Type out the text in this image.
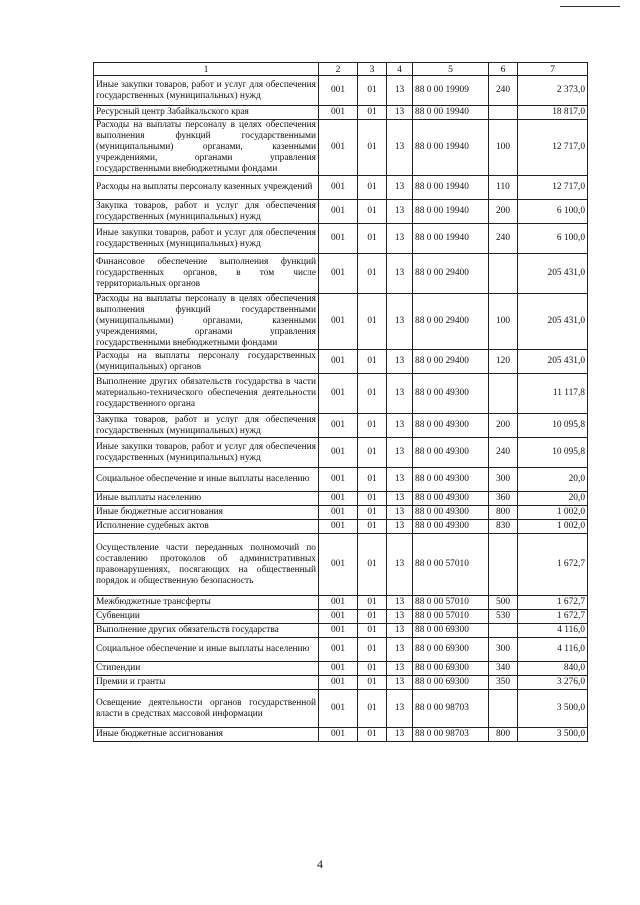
1	2	3	4	5	6	7
Иные закупки товаров, работ и услуг для обеспечения государственных (муниципальных) нужд	001	01	13	88 0 00 19909	240	2 373,0
Ресурсный центр Забайкальского края	001	01	13	88 0 00 19940		18 817,0
Расходы на выплаты персоналу в целях обеспечения выполнения функций государственными (муниципальными) органами, казенными учреждениями, органами управления государственными внебюджетными фондами	001	01	13	88 0 00 19940	100	12 717,0
Расходы на выплаты персоналу казенных учреждений	001	01	13	88 0 00 19940	110	12 717,0
Закупка товаров, работ и услуг для обеспечения государственных (муниципальных) нужд	001	01	13	88 0 00 19940	200	6 100,0
Иные закупки товаров, работ и услуг для обеспечения государственных (муниципальных) нужд	001	01	13	88 0 00 19940	240	6 100,0
Финансовое обеспечение выполнения функций государственных органов, в том числе территориальных органов	001	01	13	88 0 00 29400		205 431,0
Расходы на выплаты персоналу в целях обеспечения выполнения функций государственными (муниципальными) органами, казенными учреждениями, органами управления государственными внебюджетными фондами	001	01	13	88 0 00 29400	100	205 431,0
Расходы на выплаты персоналу государственных (муниципальных) органов	001	01	13	88 0 00 29400	120	205 431,0
Выполнение других обязательств государства в части материально-технического обеспечения деятельности государственного органа	001	01	13	88 0 00 49300		11 117,8
Закупка товаров, работ и услуг для обеспечения государственных (муниципальных) нужд	001	01	13	88 0 00 49300	200	10 095,8
Иные закупки товаров, работ и услуг для обеспечения государственных (муниципальных) нужд	001	01	13	88 0 00 49300	240	10 095,8
Социальное обеспечение и иные выплаты населению	001	01	13	88 0 00 49300	300	20,0
Иные выплаты населению	001	01	13	88 0 00 49300	360	20,0
Иные бюджетные ассигнования	001	01	13	88 0 00 49300	800	1 002,0
Исполнение судебных актов	001	01	13	88 0 00 49300	830	1 002,0
Осуществление части переданных полномочий по составлению протоколов об административных правонарушениях, посягающих на общественный порядок и общественную безопасность	001	01	13	88 0 00 57010		1 672,7
Межбюджетные трансферты	001	01	13	88 0 00 57010	500	1 672,7
Субвенции	001	01	13	88 0 00 57010	530	1 672,7
Выполнение других обязательств государства	001	01	13	88 0 00 69300		4 116,0
Социальное обеспечение и иные выплаты населению	001	01	13	88 0 00 69300	300	4 116,0
Стипендии	001	01	13	88 0 00 69300	340	840,0
Премии и гранты	001	01	13	88 0 00 69300	350	3 276,0
Освещение деятельности органов государственной власти в средствах массовой информации	001	01	13	88 0 00 98703		3 500,0
Иные бюджетные ассигнования	001	01	13	88 0 00 98703	800	3 500,0
4
